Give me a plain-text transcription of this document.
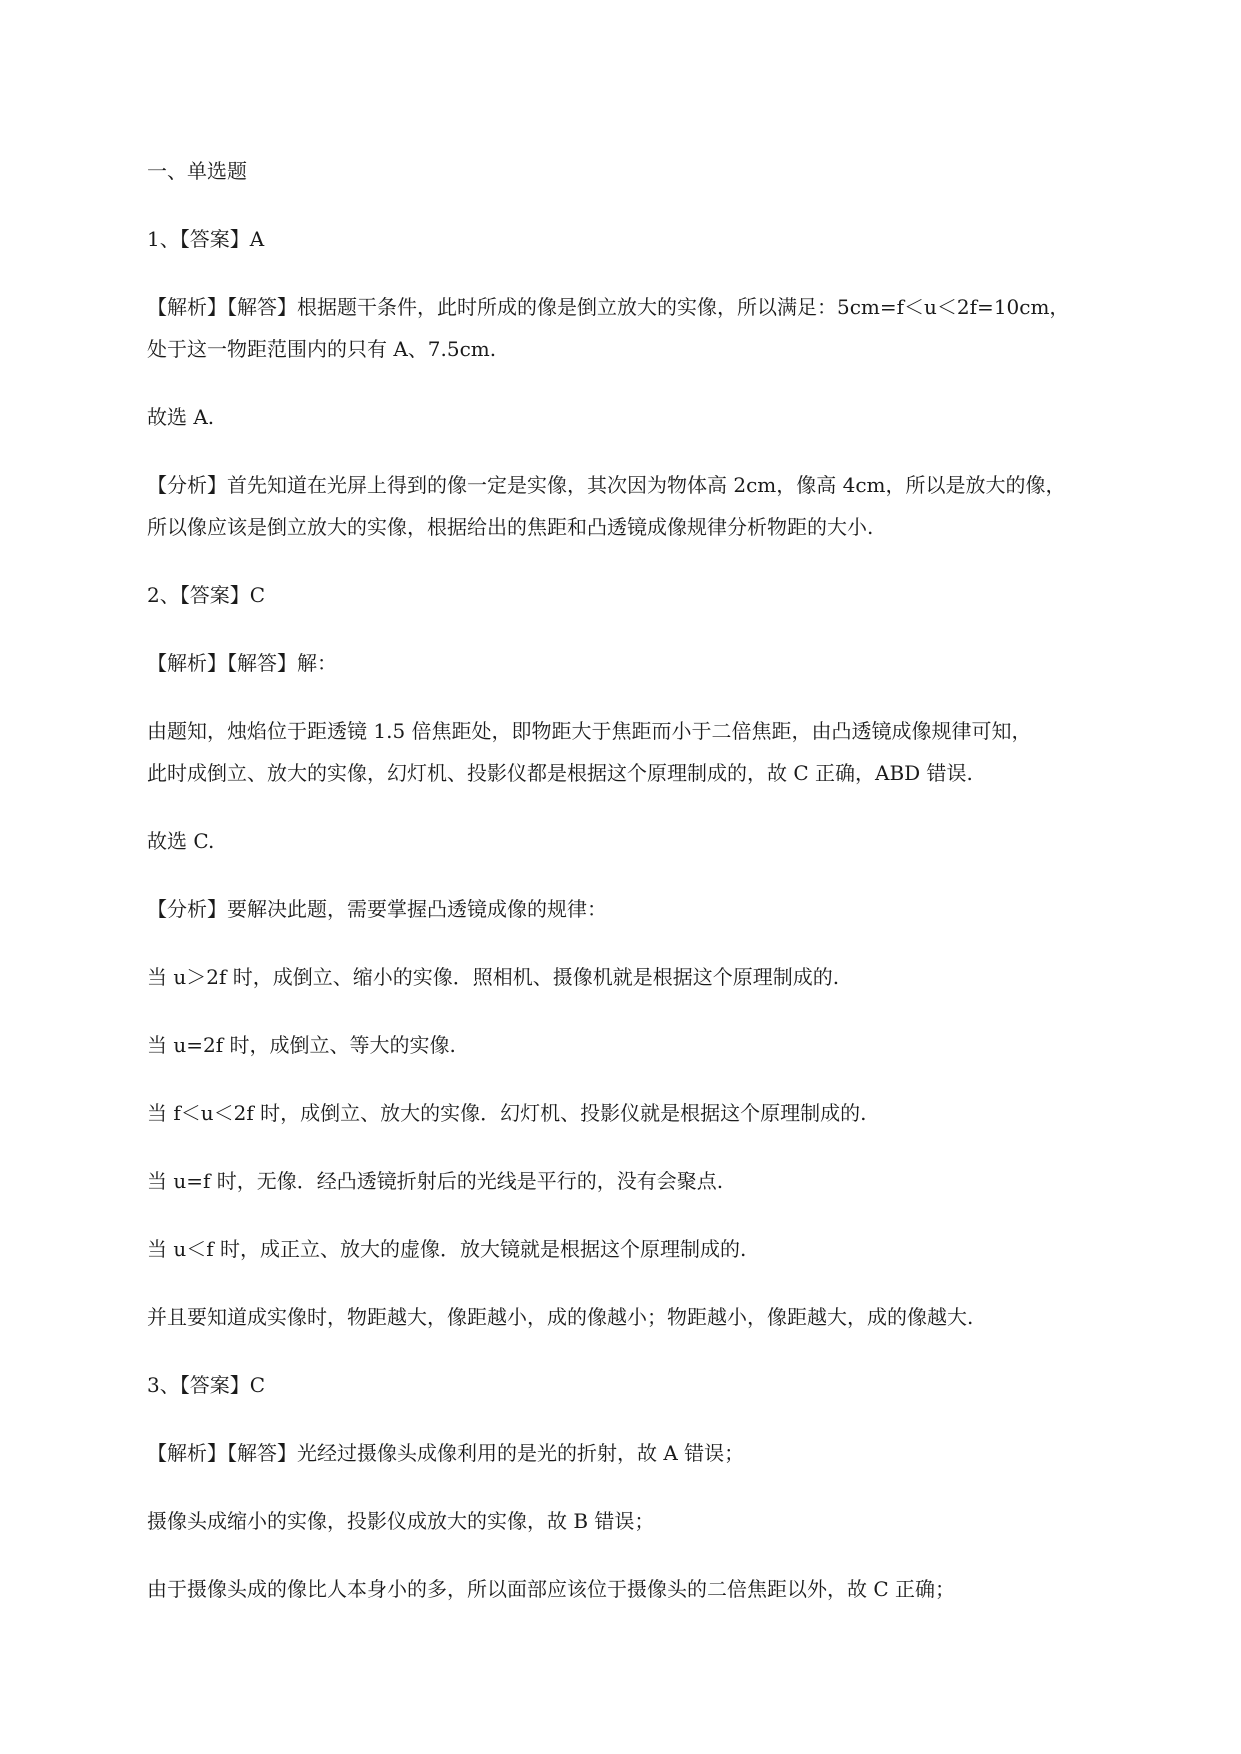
一、单选题

1、【答案】A

【解析】【解答】根据题干条件，此时所成的像是倒立放大的实像，所以满足：5cm=f＜u＜2f=10cm，

处于这一物距范围内的只有 A、7.5cm.

故选 A.

【分析】首先知道在光屏上得到的像一定是实像，其次因为物体高 2cm，像高 4cm，所以是放大的像，

所以像应该是倒立放大的实像，根据给出的焦距和凸透镜成像规律分析物距的大小.

2、【答案】C

【解析】【解答】解：

由题知，烛焰位于距透镜 1.5 倍焦距处，即物距大于焦距而小于二倍焦距，由凸透镜成像规律可知，

此时成倒立、放大的实像，幻灯机、投影仪都是根据这个原理制成的，故 C 正确，ABD 错误.

故选 C.

【分析】要解决此题，需要掌握凸透镜成像的规律：

当 u＞2f 时，成倒立、缩小的实像．照相机、摄像机就是根据这个原理制成的.

当 u=2f 时，成倒立、等大的实像.

当 f＜u＜2f 时，成倒立、放大的实像．幻灯机、投影仪就是根据这个原理制成的.

当 u=f 时，无像．经凸透镜折射后的光线是平行的，没有会聚点.

当 u＜f 时，成正立、放大的虚像．放大镜就是根据这个原理制成的.

并且要知道成实像时，物距越大，像距越小，成的像越小；物距越小，像距越大，成的像越大.

3、【答案】C

【解析】【解答】光经过摄像头成像利用的是光的折射，故 A 错误；

摄像头成缩小的实像，投影仪成放大的实像，故 B 错误；

由于摄像头成的像比人本身小的多，所以面部应该位于摄像头的二倍焦距以外，故 C 正确；
